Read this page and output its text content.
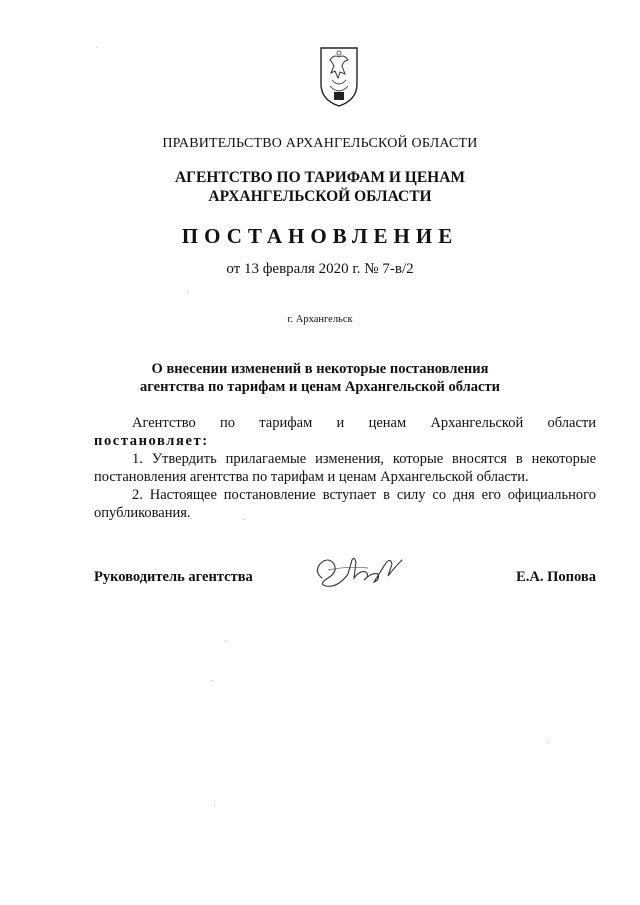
ПРАВИТЕЛЬСТВО АРХАНГЕЛЬСКОЙ ОБЛАСТИ
АГЕНТСТВО ПО ТАРИФАМ И ЦЕНАМ
АРХАНГЕЛЬСКОЙ ОБЛАСТИ
ПОСТАНОВЛЕНИЕ
от 13 февраля 2020 г. № 7-в/2
г. Архангельск
О внесении изменений в некоторые постановления
агентства по тарифам и ценам Архангельской области
Агентство по тарифам и ценам Архангельской области
постановляет:
1. Утвердить прилагаемые изменения, которые вносятся в некоторые постановления агентства по тарифам и ценам Архангельской области.
2. Настоящее постановление вступает в силу со дня его официального опубликования.
Руководитель агентства	Е.А. Попова
